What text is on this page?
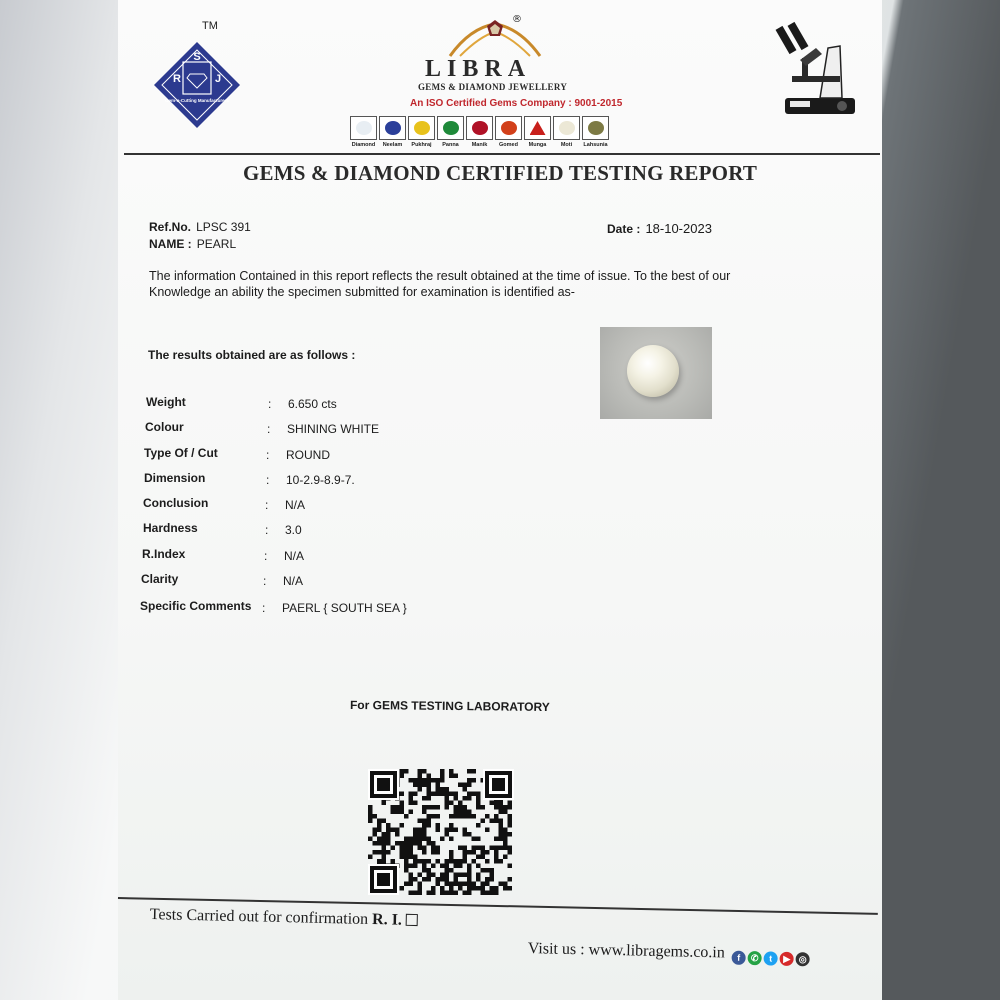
TM
S
R	J
Gem-n-Cutting Manufacturers
®
LIBRA
GEMS & DIAMOND JEWELLERY
An ISO Certified Gems Company : 9001-2015
Diamond Neelam Pukhraj Panna Manik Gomed Munga	Moti Lahsunia
GEMS & DIAMOND CERTIFIED TESTING REPORT
Ref.No. LPSC 391
NAME : PEARL
Date : 18-10-2023
The information Contained in this report reflects the result obtained at the time of issue. To the best of our
Knowledge an ability the specimen submitted for examination is identified as-
The results obtained are as follows :
Weight	: 6.650 cts
Colour	: SHINING WHITE
Type Of / Cut	: ROUND
Dimension	: 10-2.9-8.9-7.
Conclusion	: N/A
Hardness	: 3.0
R.Index	: N/A
Clarity	: N/A
Specific Comments : PAERL { SOUTH SEA }
For GEMS TESTING LABORATORY
Tests Carried out for confirmation R. I.
Visit us : www.libragems.co.in	f	✆	t	▶ ◎
